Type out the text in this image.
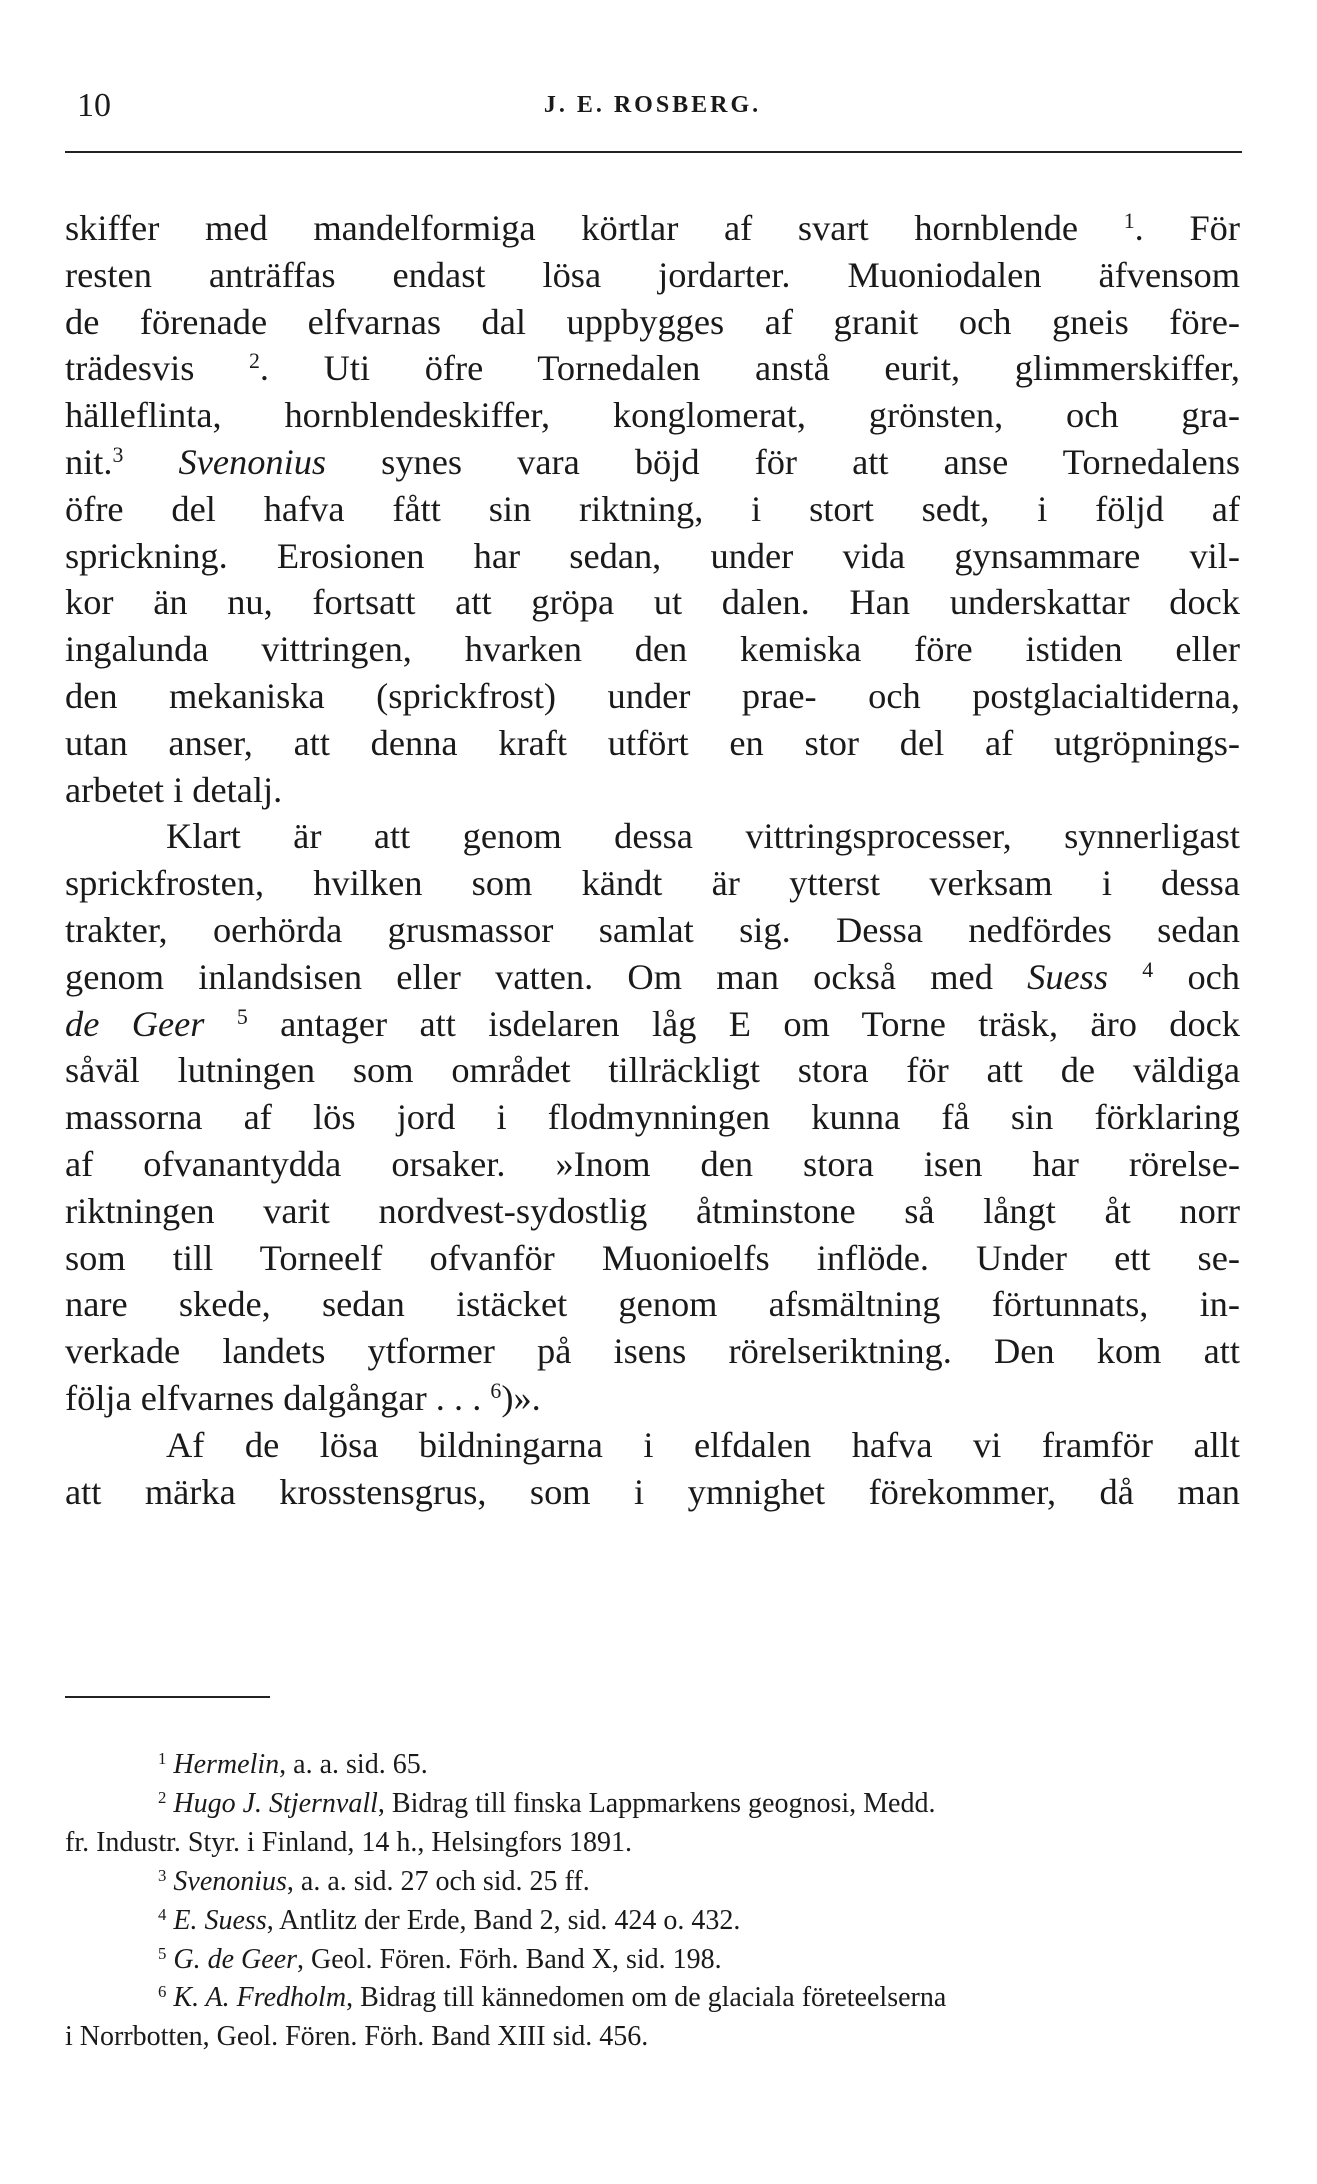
10	J. E. ROSBERG.

skiffer med mandelformiga körtlar af svart hornblende $^1$. För
resten anträffas endast lösa jordarter. Muoniodalen äfvensom
de förenade elfvarnas dal uppbygges af granit och gneis före-
trädesvis	$^2$. Uti öfre Tornedalen anstå eurit, glimmerskiffer,
hälleflinta, hornblendeskiffer, konglomerat, grönsten, och gra-
nit.$^3$ Svenonius synes vara böjd för att anse Tornedalens
öfre del hafva fått sin riktning, i stort sedt, i följd af
sprickning. Erosionen har sedan, under vida gynsammare vil-
kor än nu, fortsatt att gröpa ut dalen. Han underskattar dock
ingalunda vittringen, hvarken den kemiska före istiden eller
den mekaniska (sprickfrost) under prae- och postglacialtiderna,
utan anser, att denna kraft utfört en stor del af utgröpnings-
arbetet i detalj.

Klart är att genom dessa vittringsprocesser, synnerligast
sprickfrosten, hvilken som kändt är ytterst verksam i dessa
trakter, oerhörda grusmassor samlat sig. Dessa nedfördes sedan
genom inlandsisen eller vatten. Om man också med Suess $^4$ och
de Geer $^5$ antager att isdelaren låg E om Torne träsk, äro dock
såväl lutningen som området tillräckligt stora för att de väldiga
massorna af lös jord i flodmynningen kunna få sin förklaring
af ofvanantydda orsaker. »Inom den stora isen har rörelse-
riktningen varit nordvest-sydostlig åtminstone så långt åt norr
som till Torneelf ofvanför Muonioelfs inflöde. Under ett se-
nare skede, sedan istäcket genom afsmältning förtunnats, in-
verkade landets ytformer på isens rörelseriktning. Den kom att
följa elfvarnes dalgångar . . . $^6$)».

Af de lösa bildningarna i elfdalen hafva vi framför allt
att märka krosstensgrus, som i ymnighet förekommer, då man

$^1$ Hermelin, a. a. sid. 65.
$^2$ Hugo J. Stjernvall, Bidrag till finska Lappmarkens geognosi, Medd.
fr. Industr. Styr. i Finland, 14 h., Helsingfors 1891.
$^3$ Svenonius, a. a. sid. 27 och sid. 25 ff.
$^4$ E. Suess, Antlitz der Erde, Band 2, sid. 424 o. 432.
$^5$ G. de Geer, Geol. Fören. Förh. Band X, sid. 198.
$^6$ K. A. Fredholm, Bidrag till kännedomen om de glaciala företeelserna
i Norrbotten, Geol. Fören. Förh. Band XIII sid. 456.
